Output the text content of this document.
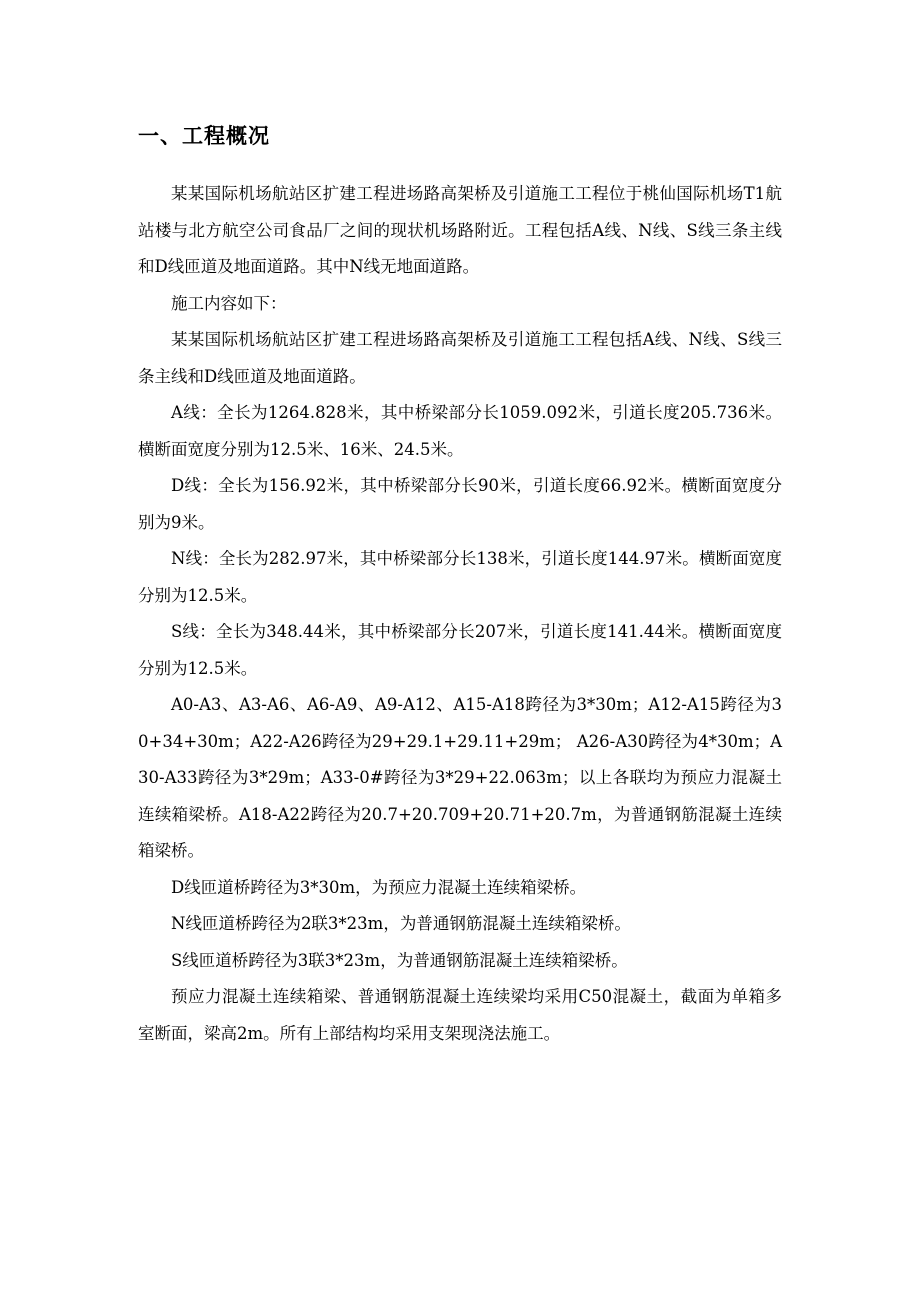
一、工程概况

某某国际机场航站区扩建工程进场路高架桥及引道施工工程位于桃仙国际机场T1航站楼与北方航空公司食品厂之间的现状机场路附近。工程包括A线、N线、S线三条主线和D线匝道及地面道路。其中N线无地面道路。

施工内容如下：

某某国际机场航站区扩建工程进场路高架桥及引道施工工程包括A线、N线、S线三条主线和D线匝道及地面道路。

A线：全长为1264.828米，其中桥梁部分长1059.092米，引道长度205.736米。横断面宽度分别为12.5米、16米、24.5米。

D线：全长为156.92米，其中桥梁部分长90米，引道长度66.92米。横断面宽度分别为9米。

N线：全长为282.97米，其中桥梁部分长138米，引道长度144.97米。横断面宽度分别为12.5米。

S线：全长为348.44米，其中桥梁部分长207米，引道长度141.44米。横断面宽度分别为12.5米。

A0-A3、A3-A6、A6-A9、A9-A12、A15-A18跨径为3*30m；A12-A15跨径为30+34+30m；A22-A26跨径为29+29.1+29.11+29m； A26-A30跨径为4*30m；A30-A33跨径为3*29m；A33-0#跨径为3*29+22.063m；以上各联均为预应力混凝土连续箱梁桥。A18-A22跨径为20.7+20.709+20.71+20.7m，为普通钢筋混凝土连续箱梁桥。

D线匝道桥跨径为3*30m，为预应力混凝土连续箱梁桥。

N线匝道桥跨径为2联3*23m，为普通钢筋混凝土连续箱梁桥。

S线匝道桥跨径为3联3*23m，为普通钢筋混凝土连续箱梁桥。

预应力混凝土连续箱梁、普通钢筋混凝土连续梁均采用C50混凝土，截面为单箱多室断面，梁高2m。所有上部结构均采用支架现浇法施工。
